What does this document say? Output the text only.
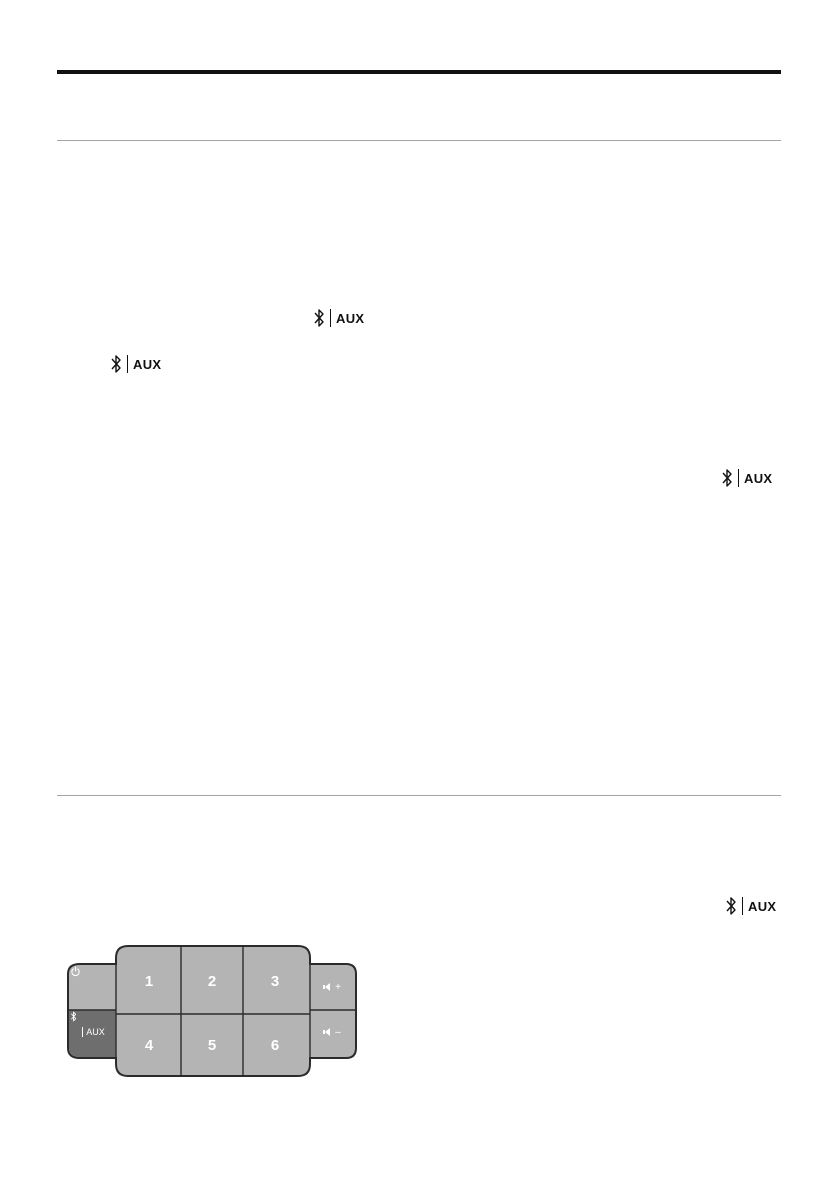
AUX
AUX
AUX
AUX
AUX
1	2	3
4	5	6
+
–
